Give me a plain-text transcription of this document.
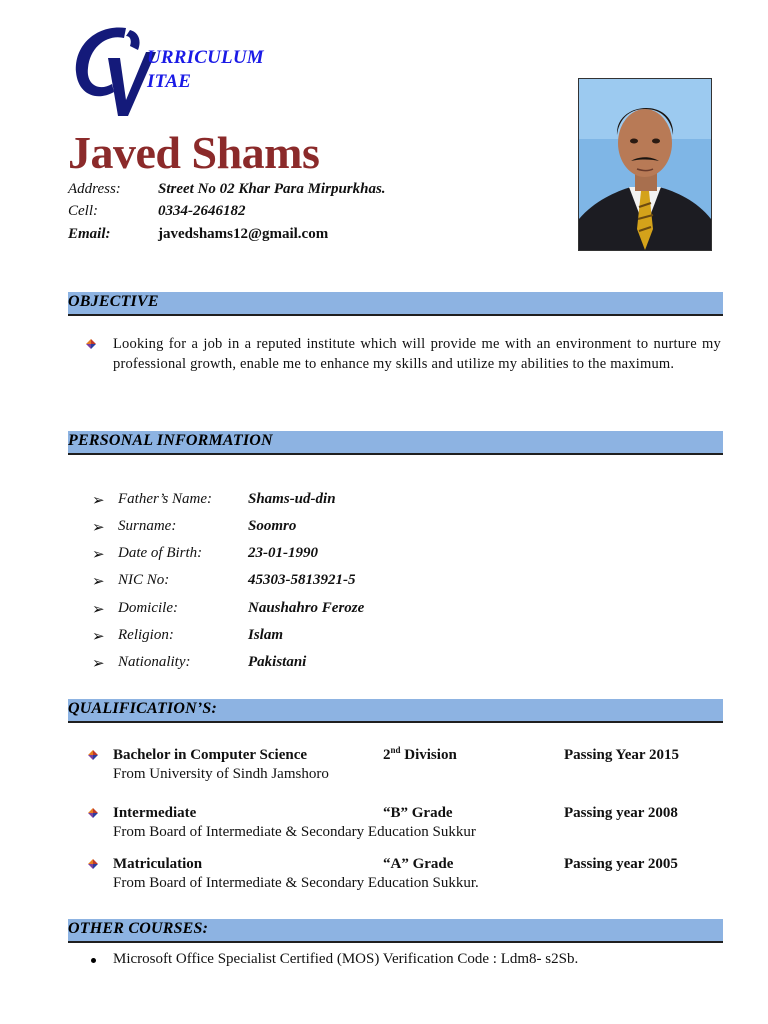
URRICULUM
ITAE
Javed Shams
Address: Street No 02 Khar Para Mirpurkhas.
Cell:	0334-2646182
Email:	javedshams12@gmail.com
OBJECTIVE
Looking for a job in a reputed institute which will provide me with an environment to nurture my professional growth, enable me to enhance my skills and utilize my abilities to the maximum.
PERSONAL INFORMATION
➢ Father’s Name: Shams-ud-din
➢ Surname:	Soomro
➢ Date of Birth:	23-01-1990
➢ NIC No:	45303-5813921-5
➢ Domicile:	Naushahro Feroze
➢ Religion:	Islam
➢ Nationality:	Pakistani
QUALIFICATION’S:
Bachelor in Computer Science	2nd Division	Passing Year 2015
From University of Sindh Jamshoro
Intermediate	“B” Grade	Passing year 2008
From Board of Intermediate & Secondary Education Sukkur
Matriculation	“A” Grade	Passing year 2005
From Board of Intermediate & Secondary Education Sukkur.
OTHER COURSES:
Microsoft Office Specialist Certified (MOS) Verification Code : Ldm8- s2Sb.
